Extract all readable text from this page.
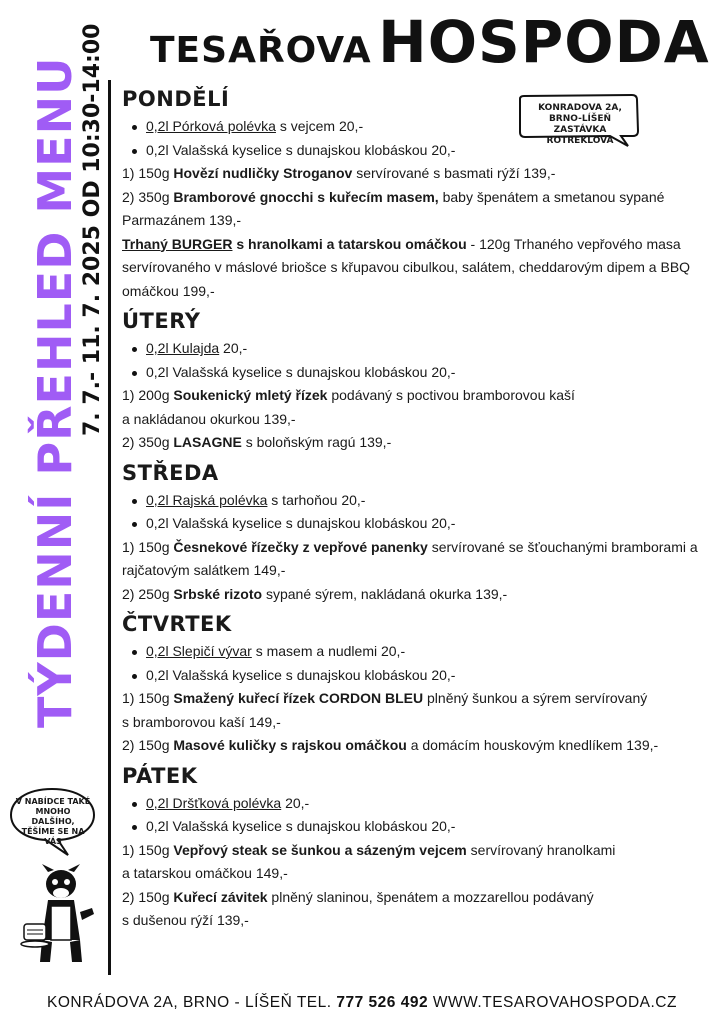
TESAŘOVA HOSPODA
TÝDENNÍ PŘEHLED MENU
7. 7.- 11. 7. 2025 OD 10:30-14:00	KONRADOVA 2A,
BRNO-LÍŠEŇ
ZASTÁVKA ROTREKLOVA
V NABÍDCE TAKÉ
MNOHO DALŠÍHO,
TĚŠÍME SE NA VÁS
PONDĚLÍ
0,2l Pórková polévka s vejcem 20,-
0,2l Valašská kyselice s dunajskou klobáskou 20,-
1) 150g Hovězí nudličky Stroganov servírované s basmati rýží 139,-
2) 350g Bramborové gnocchi s kuřecím masem, baby špenátem a smetanou sypané Parmazánem 139,-
Trhaný BURGER s hranolkami a tatarskou omáčkou - 120g Trhaného vepřového masa servírovaného v máslové briošce s křupavou cibulkou, salátem, cheddarovým dipem a BBQ omáčkou 199,-
ÚTERÝ
0,2l Kulajda 20,-
0,2l Valašská kyselice s dunajskou klobáskou 20,-
1) 200g Soukenický mletý řízek podávaný s poctivou bramborovou kaší
a nakládanou okurkou 139,-
2) 350g LASAGNE s boloňským ragú 139,-
STŘEDA
0,2l Rajská polévka s tarhoňou 20,-
0,2l Valašská kyselice s dunajskou klobáskou 20,-
1) 150g Česnekové řízečky z vepřové panenky servírované se šťouchanými bramborami a rajčatovým salátkem 149,-
2) 250g Srbské rizoto sypané sýrem, nakládaná okurka 139,-
ČTVRTEK
0,2l Slepičí vývar s masem a nudlemi 20,-
0,2l Valašská kyselice s dunajskou klobáskou 20,-
1) 150g Smažený kuřecí řízek CORDON BLEU plněný šunkou a sýrem servírovaný
s bramborovou kaší 149,-
2) 150g Masové kuličky s rajskou omáčkou a domácím houskovým knedlíkem 139,-
PÁTEK
0,2l Dršťková polévka 20,-
0,2l Valašská kyselice s dunajskou klobáskou 20,-
1) 150g Vepřový steak se šunkou a sázeným vejcem servírovaný hranolkami
a tatarskou omáčkou 149,-
2) 150g Kuřecí závitek plněný slaninou, špenátem a mozzarellou podávaný
s dušenou rýží 139,-
KONRÁDOVA 2A, BRNO - LÍŠEŇ TEL. 777 526 492 WWW.TESAROVAHOSPODA.CZ
